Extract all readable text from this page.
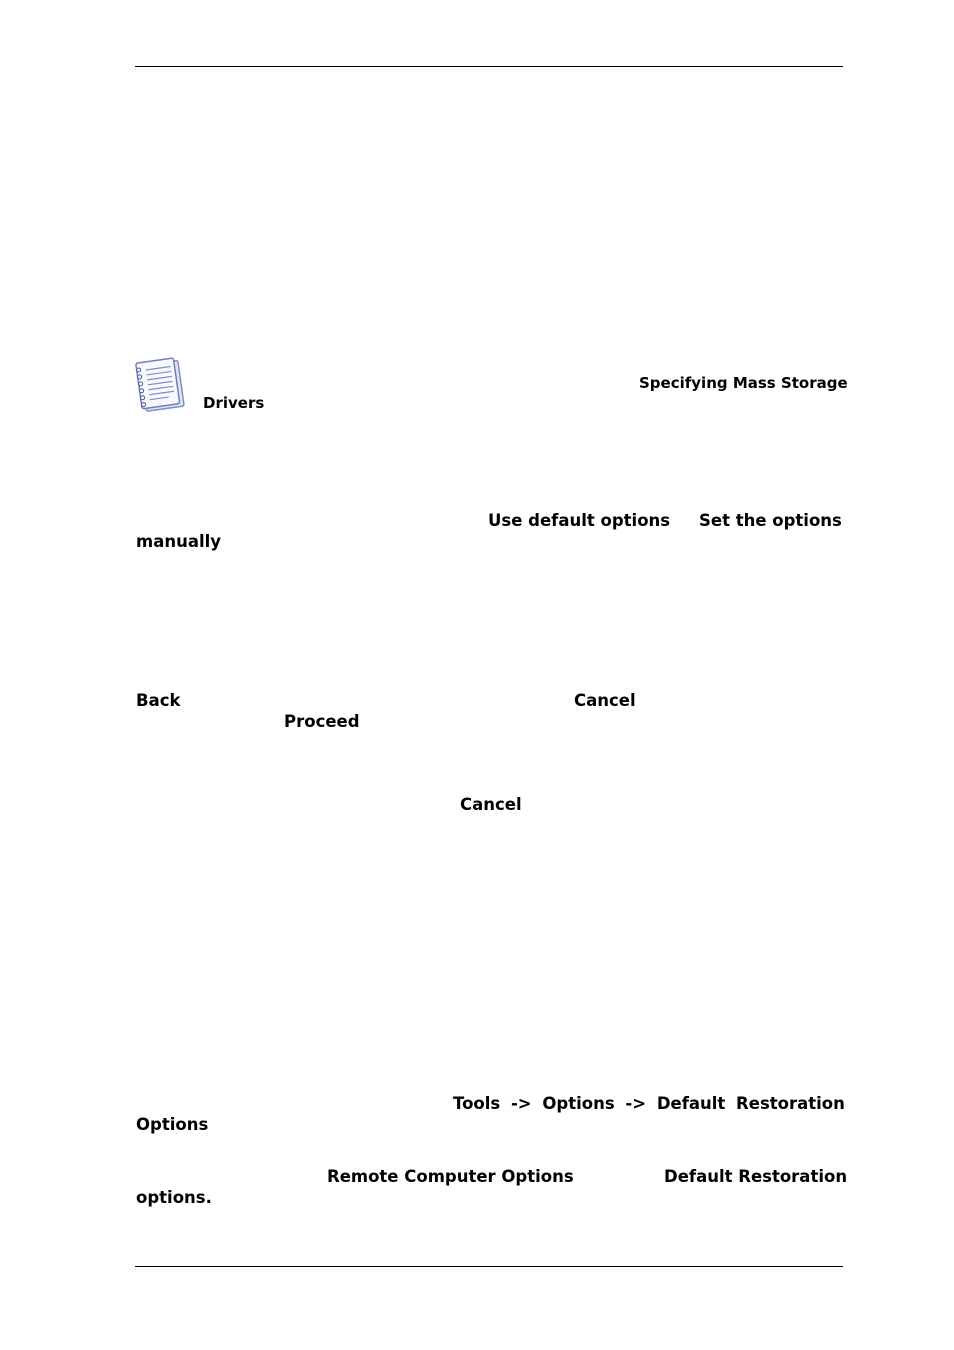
Specifying Mass Storage
Drivers
Use default options Set the options
manually
Back	Cancel
Proceed
Cancel
Tools -> Options -> Default Restoration
Options
Remote Computer Options	Default Restoration
options.
